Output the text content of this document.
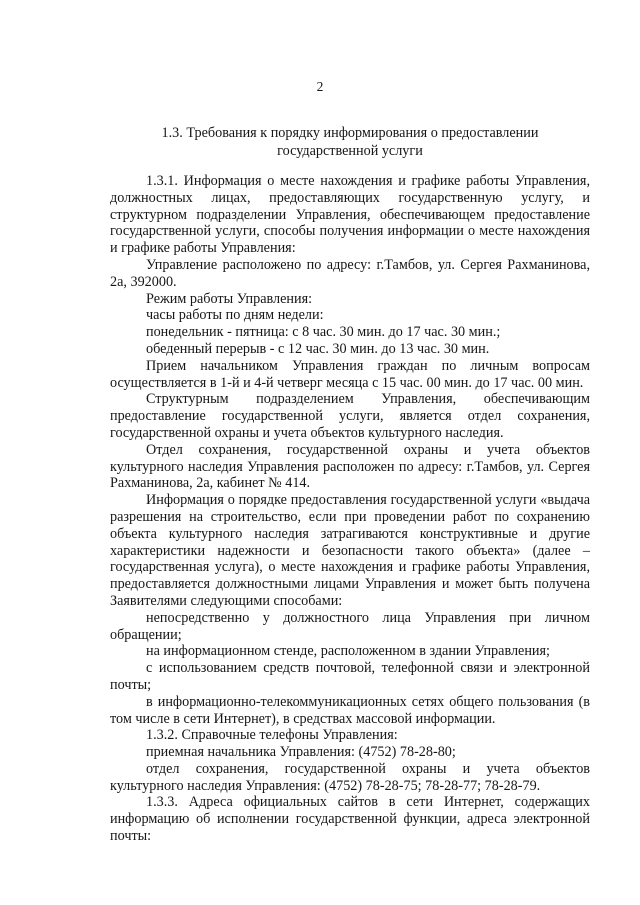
2
1.3. Требования к порядку информирования о предоставлении
государственной услуги

1.3.1. Информация о месте нахождения и графике работы Управления, должностных лицах, предоставляющих государственную услугу, и структурном подразделении Управления, обеспечивающем предоставление государственной услуги, способы получения информации о месте нахождения и графике работы Управления:

Управление расположено по адресу: г.Тамбов, ул. Сергея Рахманинова, 2а, 392000.

Режим работы Управления:

часы работы по дням недели:

понедельник - пятница: с 8 час. 30 мин. до 17 час. 30 мин.;

обеденный перерыв - с 12 час. 30 мин. до 13 час. 30 мин.

Прием начальником Управления граждан по личным вопросам осуществляется в 1-й и 4-й четверг месяца с 15 час. 00 мин. до 17 час. 00 мин.

Структурным подразделением Управления, обеспечивающим предоставление государственной услуги, является отдел сохранения, государственной охраны и учета объектов культурного наследия.

Отдел сохранения, государственной охраны и учета объектов культурного наследия Управления расположен по адресу: г.Тамбов, ул. Сергея Рахманинова, 2а, кабинет № 414.

Информация о порядке предоставления государственной услуги «выдача разрешения на строительство, если при проведении работ по сохранению объекта культурного наследия затрагиваются конструктивные и другие характеристики надежности и безопасности такого объекта» (далее – государственная услуга), о месте нахождения и графике работы Управления, предоставляется должностными лицами Управления и может быть получена Заявителями следующими способами:

непосредственно у должностного лица Управления при личном обращении;

на информационном стенде, расположенном в здании Управления;

с использованием средств почтовой, телефонной связи и электронной почты;

в информационно-телекоммуникационных сетях общего пользования (в том числе в сети Интернет), в средствах массовой информации.

1.3.2. Справочные телефоны Управления:

приемная начальника Управления: (4752) 78-28-80;

отдел сохранения, государственной охраны и учета объектов культурного наследия Управления: (4752) 78-28-75; 78-28-77; 78-28-79.

1.3.3. Адреса официальных сайтов в сети Интернет, содержащих информацию об исполнении государственной функции, адреса электронной почты:
